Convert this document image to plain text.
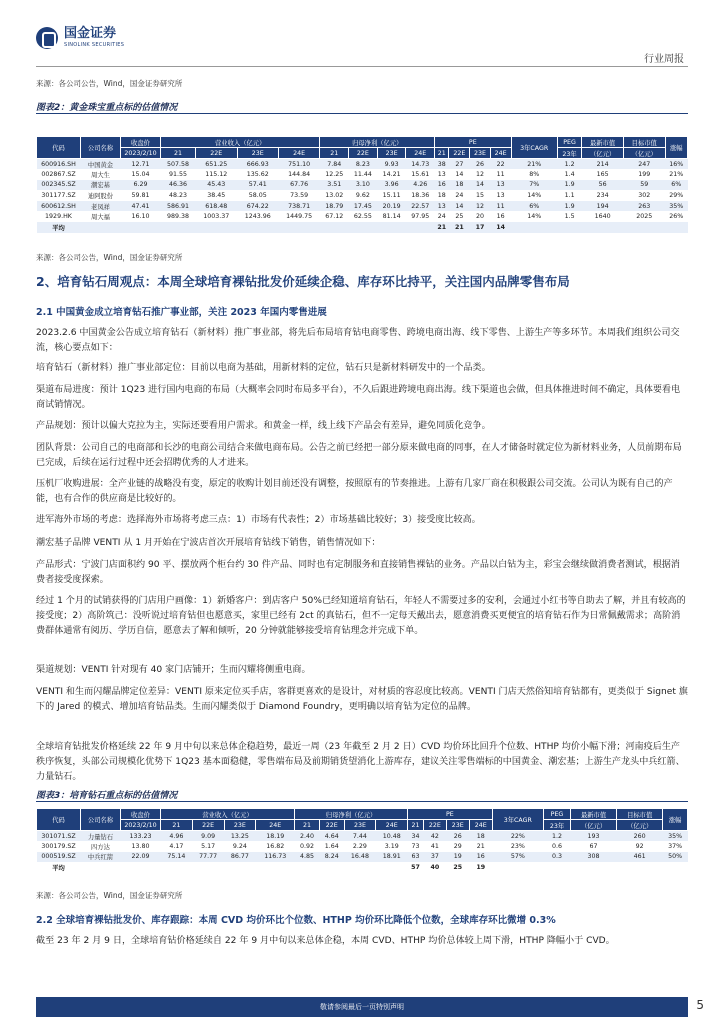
国金证券
SINOLINK SECURITIES
行业周报
来源：各公司公告，Wind，国金证券研究所
图表2：黄金珠宝重点标的估值情况
代码	公司名称	收盘价	营业收入（亿元）				归母净利（亿元）				PE				3年CAGR	PEG	最新市值	目标市值	涨幅
		2023/2/10	21	22E	23E	24E	21	22E	23E	24E	21	22E	23E	24E		23年	（亿元）	（亿元）	
600916.SH	中国黄金	12.71	507.58	651.25	666.93	751.10	7.84	8.23	9.93	14.73	38	27	26	22	21%	1.2	214	247	16%
002867.SZ	周大生	15.04	91.55	115.12	135.62	144.84	12.25	11.44	14.21	15.61	13	14	12	11	8%	1.4	165	199	21%
002345.SZ	潮宏基	6.29	46.36	45.43	57.41	67.76	3.51	3.10	3.96	4.26	16	18	14	13	7%	1.9	56	59	6%
301177.SZ	迪阿股份	59.81	48.23	38.45	58.05	73.59	13.02	9.62	15.11	18.36	18	24	15	13	14%	1.1	234	302	29%
600612.SH	老凤祥	47.41	586.91	618.48	674.22	738.71	18.79	17.45	20.19	22.57	13	14	12	11	6%	1.9	194	263	35%
1929.HK	周大福	16.10	989.38	1003.37	1243.96	1449.75	67.12	62.55	81.14	97.95	24	25	20	16	14%	1.5	1640	2025	26%
平均											21	21	17	14					
来源：各公司公告，Wind，国金证券研究所
2、培育钻石周观点：本周全球培育裸钻批发价延续企稳、库存环比持平，关注国内品牌零售布局
2.1 中国黄金成立培育钻石推广事业部，关注 2023 年国内零售进展
2023.2.6 中国黄金公告成立培育钻石（新材料）推广事业部，将先后布局培育钻电商零售、跨境电商出海、线下零售、上游生产等多环节。本周我们组织公司交流，核心要点如下：
培育钻石（新材料）推广事业部定位：目前以电商为基础，用新材料的定位，钻石只是新材料研发中的一个品类。
渠道布局进度：预计 1Q23 进行国内电商的布局（大概率会同时布局多平台），不久后跟进跨境电商出海。线下渠道也会做，但具体推进时间不确定，具体要看电商试销情况。
产品规划：预计以偏大克拉为主，实际还要看用户需求。和黄金一样，线上线下产品会有差异，避免同质化竞争。
团队背景：公司自己的电商部和长沙的电商公司结合来做电商布局。公告之前已经把一部分原来做电商的同事，在人才储备时就定位为新材料业务，人员前期布局已完成，后续在运行过程中还会招聘优秀的人才进来。
压机厂收购进展：全产业链的战略没有变，原定的收购计划目前还没有调整，按照原有的节奏推进。上游有几家厂商在积极跟公司交流。公司认为既有自己的产能，也有合作的供应商是比较好的。
进军海外市场的考虑：选择海外市场将考虑三点：1）市场有代表性；2）市场基础比较好；3）接受度比较高。
潮宏基子品牌 VENTI 从 1 月开始在宁波店首次开展培育钻线下销售，销售情况如下：
产品形式：宁波门店面积约 90 平、摆放两个柜台约 30 件产品、同时也有定制服务和直接销售裸钻的业务。产品以白钻为主，彩宝会继续做消费者测试，根据消费者接受度探索。
经过 1 个月的试销获得的门店用户画像：1）新婚客户：到店客户 50%已经知道培育钻石，年轻人不需要过多的安利，会通过小红书等自助去了解，并且有较高的接受度；2）高阶筑己：没听说过培育钻但也愿意买，家里已经有 2ct 的真钻石，但不一定每天戴出去，愿意消费买更便宜的培育钻石作为日常佩戴需求；高阶消费群体通常有阅历、学历自信，愿意去了解和倾听，20 分钟就能够接受培育钻理念并完成下单。
渠道规划：VENTI 针对现有 40 家门店铺开；生而闪耀将侧重电商。
VENTI 和生而闪耀品牌定位差异：VENTI 原来定位买手店，客群更喜欢的是设计，对材质的容忍度比较高。VENTI 门店天然俗知培育钻都有，更类似于 Signet 旗下的 Jared 的模式、增加培育钻品类。生而闪耀类似于 Diamond Foundry，更明确以培育钻为定位的品牌。
全球培育钻批发价格延续 22 年 9 月中旬以来总体企稳趋势，最近一周（23 年截至 2 月 2 日）CVD 均价环比回升个位数、HTHP 均价小幅下滑；河南疫后生产秩序恢复，头部公司规模化优势下 1Q23 基本面稳健，零售端布局及前期销货望消化上游库存，建议关注零售端标的中国黄金、潮宏基；上游生产龙头中兵红箭、力量钻石。
图表3：培育钻石重点标的估值情况
代码	公司名称	收盘价	营业收入（亿元）				归母净利（亿元）				PE				3年CAGR	PEG	最新市值	目标市值	涨幅
		2023/2/10	21	22E	23E	24E	21	22E	23E	24E	21	22E	23E	24E		23年	（亿元）	（亿元）	
301071.SZ	力量钻石	133.23	4.96	9.09	13.25	18.19	2.40	4.64	7.44	10.48	34	42	26	18	22%	1.2	193	260	35%
300179.SZ	四方达	13.80	4.17	5.17	9.24	16.82	0.92	1.64	2.29	3.19	73	41	29	21	23%	0.6	67	92	37%
000519.SZ	中兵红箭	22.09	75.14	77.77	86.77	116.73	4.85	8.24	16.48	18.91	63	37	19	16	57%	0.3	308	461	50%
平均											57	40	25	19					
来源：各公司公告，Wind，国金证券研究所
2.2 全球培育裸钻批发价、库存跟踪：本周 CVD 均价环比个位数、HTHP 均价环比降低个位数，全球库存环比微增 0.3%
截至 23 年 2 月 9 日，全球培育钻价格延续自 22 年 9 月中旬以来总体企稳，本周 CVD、HTHP 均价总体较上周下滑，HTHP 降幅小于 CVD。
敬请参阅最后一页特别声明	5
